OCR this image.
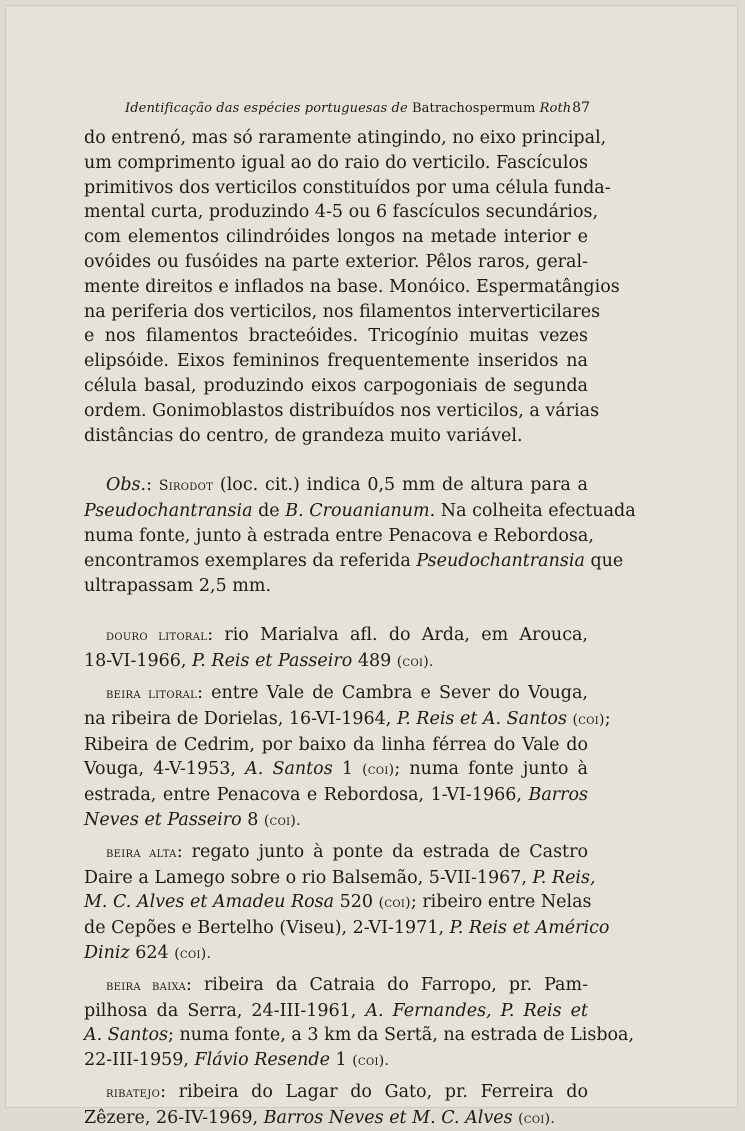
Identificação das espécies portuguesas de Batrachospermum Roth 87
do entrenó, mas só raramente atingindo, no eixo principal,
um comprimento igual ao do raio do verticilo. Fascículos
primitivos dos verticilos constituídos por uma célula funda-
mental curta, produzindo 4-5 ou 6 fascículos secundários,
com elementos cilindróides longos na metade interior e
ovóides ou fusóides na parte exterior. Pêlos raros, geral-
mente direitos e inflados na base. Monóico. Espermatângios
na periferia dos verticilos, nos filamentos interverticilares
e nos filamentos bracteóides. Tricogínio muitas vezes
elipsóide. Eixos femininos frequentemente inseridos na
célula basal, produzindo eixos carpogoniais de segunda
ordem. Gonimoblastos distribuídos nos verticilos, a várias
distâncias do centro, de grandeza muito variável.
Obs.: Sirodot (loc. cit.) indica 0,5 mm de altura para a
Pseudochantransia de B. Crouanianum. Na colheita efectuada
numa fonte, junto à estrada entre Penacova e Rebordosa,
encontramos exemplares da referida Pseudochantransia que
ultrapassam 2,5 mm.
douro litoral: rio Marialva afl. do Arda, em Arouca,
18-VI-1966, P. Reis et Passeiro 489 (coi).
beira litoral: entre Vale de Cambra e Sever do Vouga,
na ribeira de Dorielas, 16-VI-1964, P. Reis et A. Santos (coi);
Ribeira de Cedrim, por baixo da linha férrea do Vale do
Vouga, 4-V-1953, A. Santos 1 (coi); numa fonte junto à
estrada, entre Penacova e Rebordosa, 1-VI-1966, Barros
Neves et Passeiro 8 (coi).
beira alta: regato junto à ponte da estrada de Castro
Daire a Lamego sobre o rio Balsemão, 5-VII-1967, P. Reis,
M. C. Alves et Amadeu Rosa 520 (coi); ribeiro entre Nelas
de Cepões e Bertelho (Viseu), 2-VI-1971, P. Reis et Américo
Diniz 624 (coi).
beira baixa: ribeira da Catraia do Farropo, pr. Pam-
pilhosa da Serra, 24-III-1961, A. Fernandes, P. Reis et
A. Santos; numa fonte, a 3 km da Sertã, na estrada de Lisboa,
22-III-1959, Flávio Resende 1 (coi).
ribatejo: ribeira do Lagar do Gato, pr. Ferreira do
Zêzere, 26-IV-1969, Barros Neves et M. C. Alves (coi).
